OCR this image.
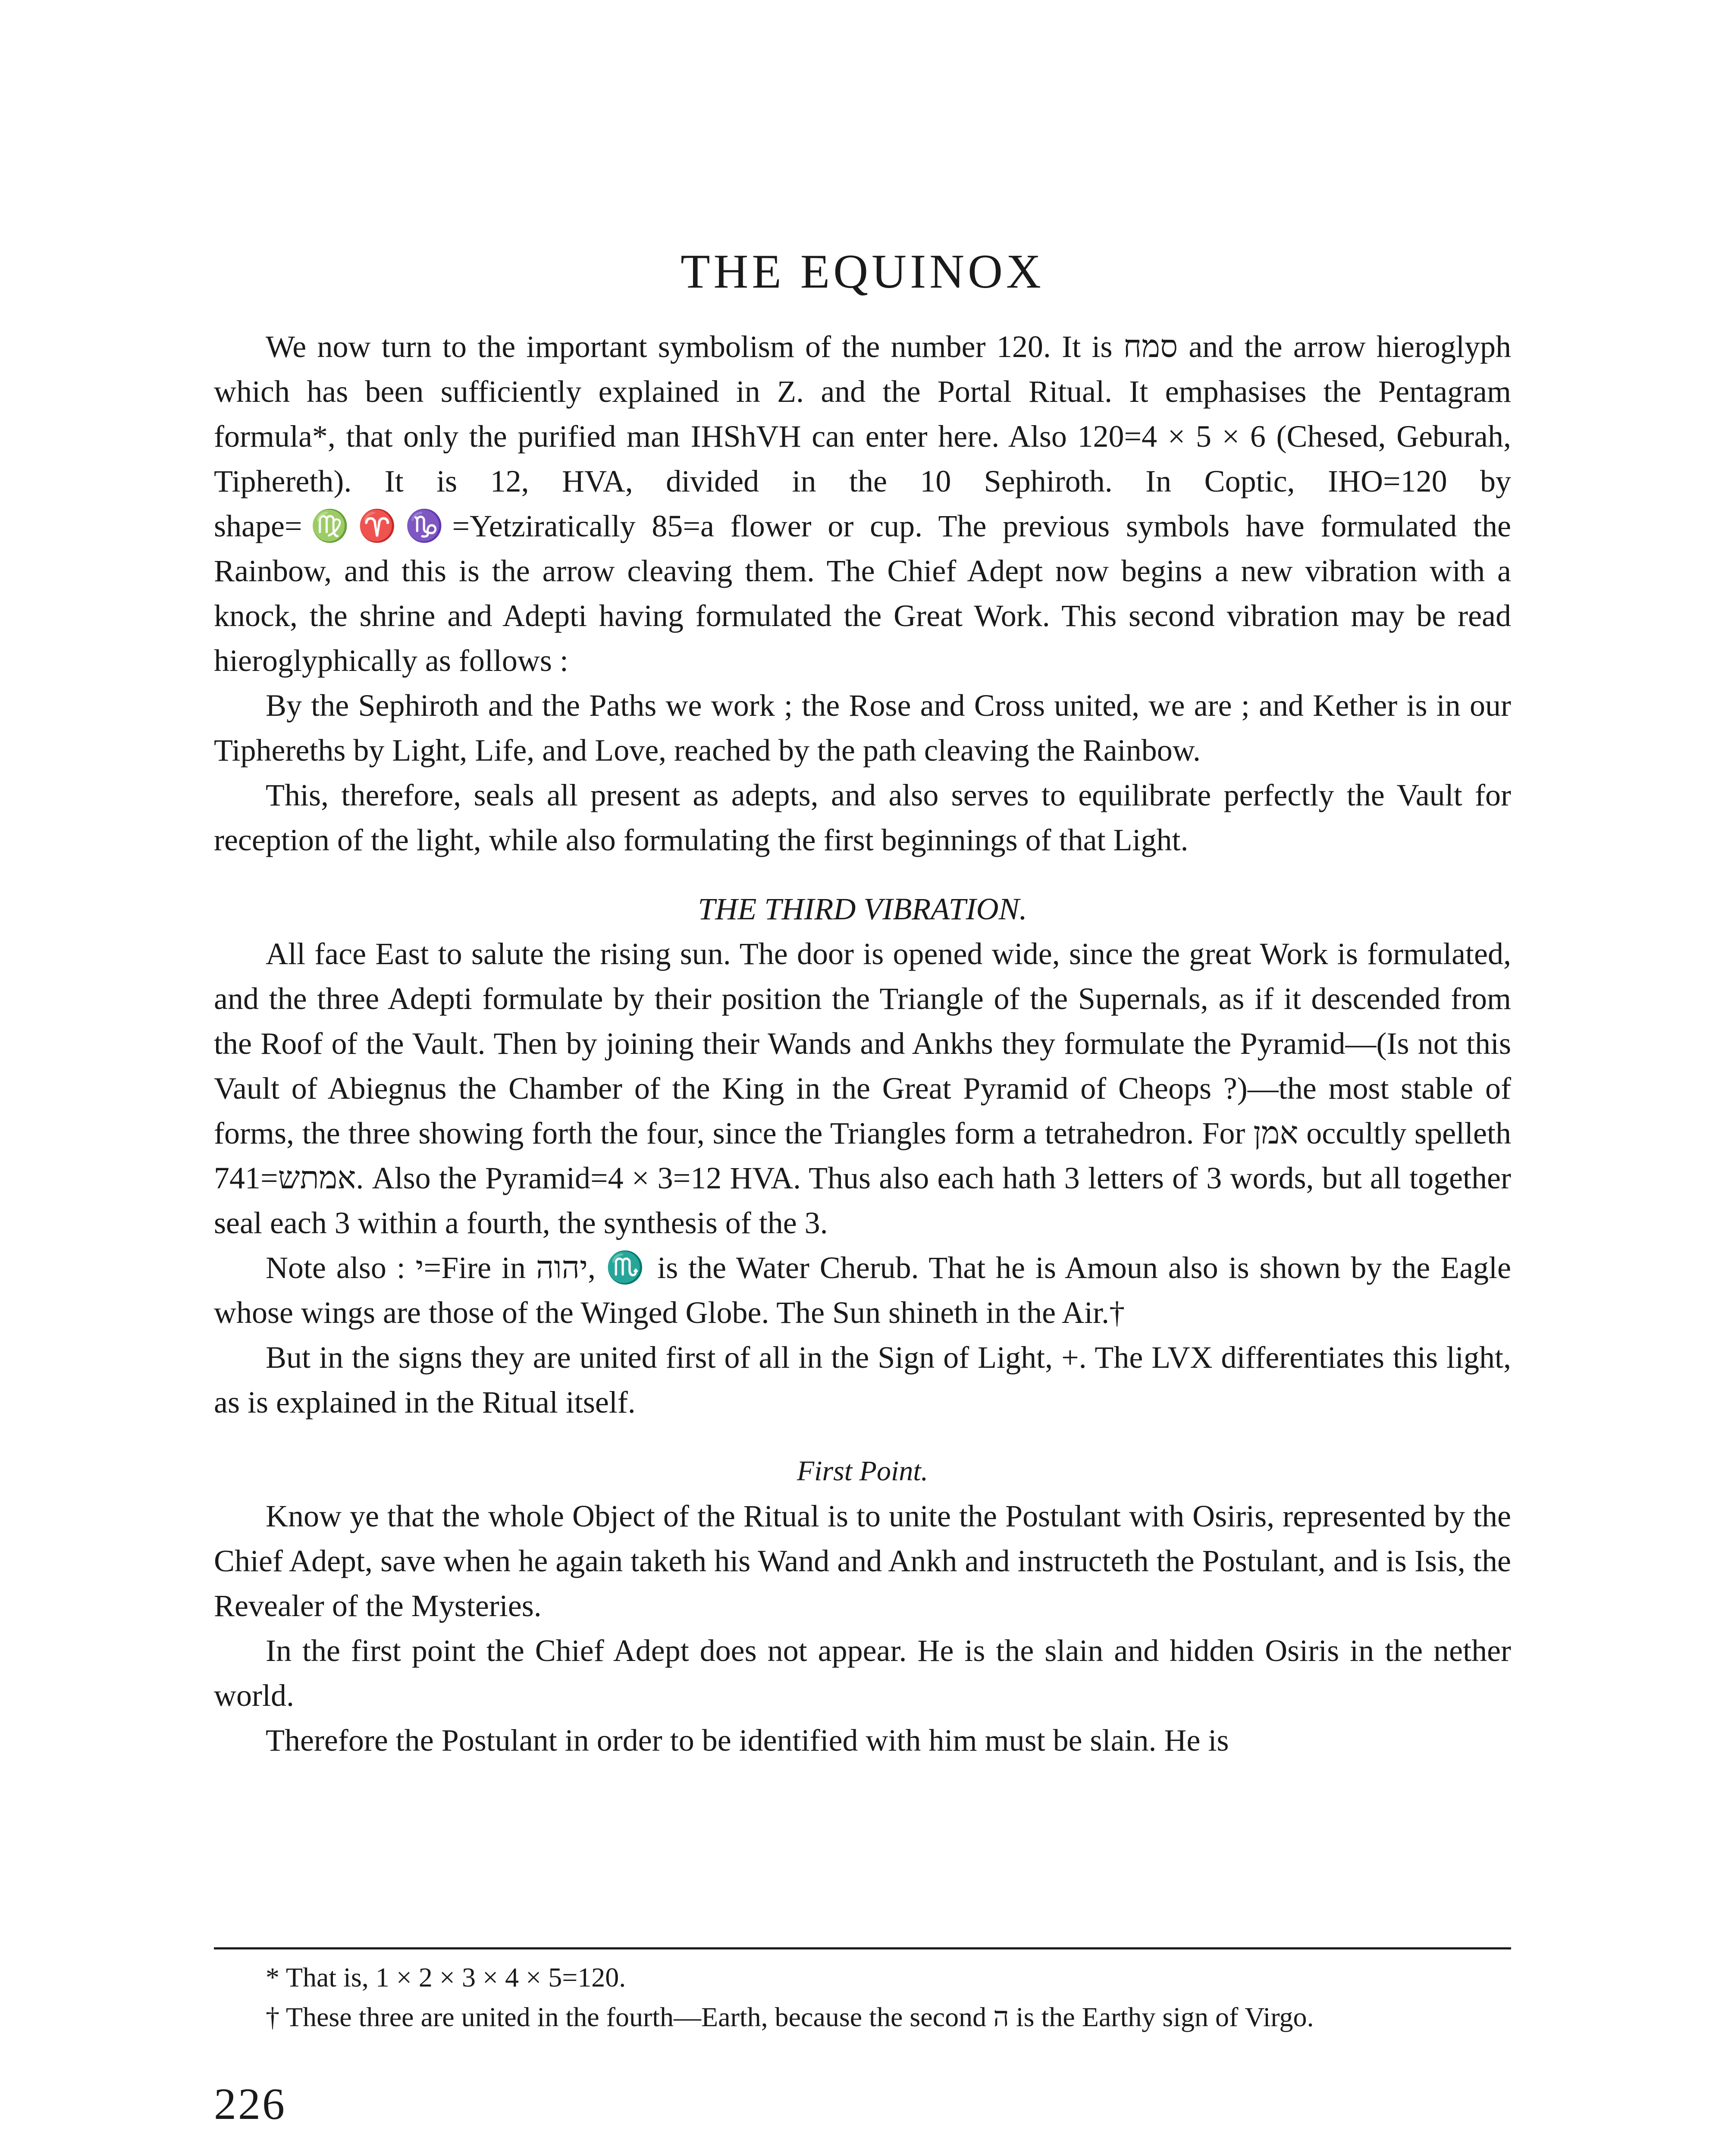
THE EQUINOX

We now turn to the important symbolism of the number 120. It is סמח and the arrow hieroglyph which has been sufficiently explained in Z. and the Portal Ritual. It emphasises the Pentagram formula*, that only the purified man IHShVH can enter here. Also 120=4 × 5 × 6 (Chesed, Geburah, Tiphereth). It is 12, HVA, divided in the 10 Sephiroth. In Coptic, IHO=120 by shape=♍♈♑=Yetziratically 85=a flower or cup. The previous symbols have formulated the Rainbow, and this is the arrow cleaving them. The Chief Adept now begins a new vibration with a knock, the shrine and Adepti having formulated the Great Work. This second vibration may be read hieroglyphically as follows :

By the Sephiroth and the Paths we work ; the Rose and Cross united, we are ; and Kether is in our Tiphereths by Light, Life, and Love, reached by the path cleaving the Rainbow.

This, therefore, seals all present as adepts, and also serves to equilibrate perfectly the Vault for reception of the light, while also formulating the first beginnings of that Light.

THE THIRD VIBRATION.

All face East to salute the rising sun. The door is opened wide, since the great Work is formulated, and the three Adepti formulate by their position the Triangle of the Supernals, as if it descended from the Roof of the Vault. Then by joining their Wands and Ankhs they formulate the Pyramid—(Is not this Vault of Abiegnus the Chamber of the King in the Great Pyramid of Cheops ?)—the most stable of forms, the three showing forth the four, since the Triangles form a tetrahedron. For אמן occultly spelleth 741=אמתש. Also the Pyramid=4 × 3=12 HVA. Thus also each hath 3 letters of 3 words, but all together seal each 3 within a fourth, the synthesis of the 3.

Note also : י=Fire in יהוה, ♏ is the Water Cherub. That he is Amoun also is shown by the Eagle whose wings are those of the Winged Globe. The Sun shineth in the Air.†

But in the signs they are united first of all in the Sign of Light, +. The LVX differentiates this light, as is explained in the Ritual itself.

First Point.

Know ye that the whole Object of the Ritual is to unite the Postulant with Osiris, represented by the Chief Adept, save when he again taketh his Wand and Ankh and instructeth the Postulant, and is Isis, the Revealer of the Mysteries.

In the first point the Chief Adept does not appear. He is the slain and hidden Osiris in the nether world.

Therefore the Postulant in order to be identified with him must be slain. He is

* That is, 1 × 2 × 3 × 4 × 5=120.

† These three are united in the fourth—Earth, because the second ה is the Earthy sign of Virgo.

226
